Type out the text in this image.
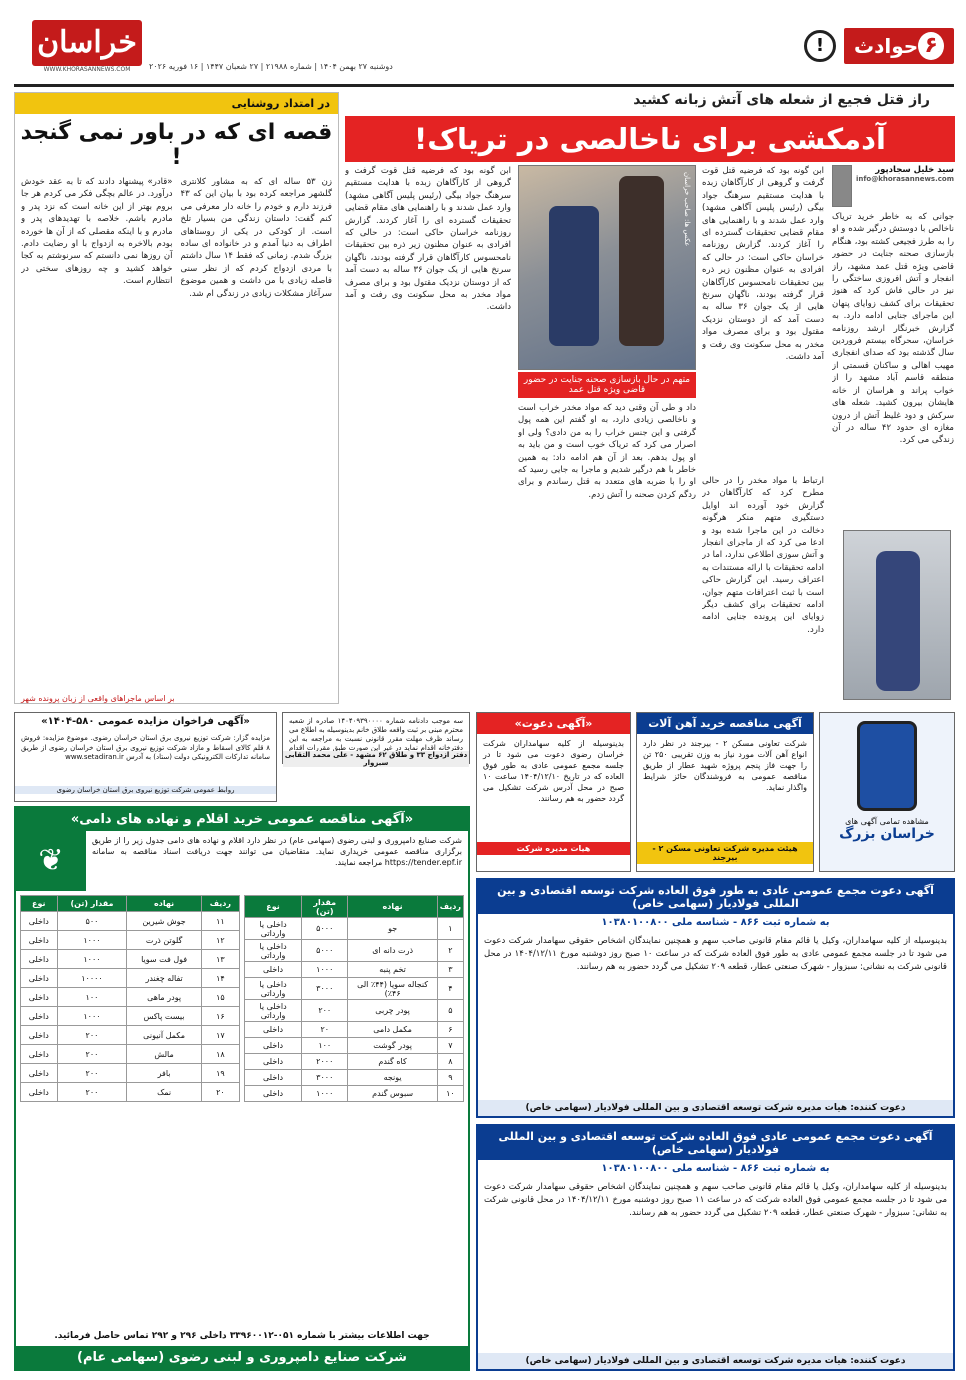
خراسان
WWW.KHORASANNEWS.COM	دوشنبه ۲۷ بهمن ۱۴۰۴ | شماره ۲۱۹۸۸ | ۲۷ شعبان ۱۴۴۷ | ۱۶ فوریه ۲۰۲۶
۶
حوادث
!
راز قتل فجیع از شعله های آتش زبانه کشید
آدمکشی برای ناخالصی در تریاک!
سید خلیل سجادپور
info@khorasannews.com
جوانی که به خاطر خرید تریاک ناخالص با دوستش درگیر شده و او را به طرز فجیعی کشته بود، هنگام بازسازی صحنه جنایت در حضور قاضی ویژه قتل عمد مشهد، راز انفجار و آتش افروزی ساختگی را نیز در حالی فاش کرد که هنوز تحقیقات برای کشف زوایای پنهان این ماجرای جنایی ادامه دارد. به گزارش خبرنگار ارشد روزنامه خراسان، سحرگاه بیستم فروردین سال گذشته بود که صدای انفجاری مهیب اهالی و ساکنان قسمتی از منطقه قاسم آباد مشهد را از خواب پراند و هراسان از خانه هایشان بیرون کشید. شعله های سرکش و دود غلیظ آتش از درون مغازه ای حدود ۴۲ ساله در آن زندگی می کرد.
ابن گونه بود که فرضیه قتل قوت گرفت و گروهی از کارآگاهان زبده با هدایت مستقیم سرهنگ جواد بیگی (رئیس پلیس آگاهی مشهد) وارد عمل شدند و با راهنمایی های مقام قضایی تحقیقات گسترده ای را آغاز کردند. گزارش روزنامه خراسان حاکی است: در حالی که افرادی به عنوان مظنون زیر ذره بین تحقیقات نامحسوس کارآگاهان قرار گرفته بودند، ناگهان سرنخ هایی از یک جوان ۳۶ ساله به دست آمد که از دوستان نزدیک مقتول بود و برای مصرف مواد مخدر به محل سکونت وی رفت و آمد داشت.
ارتباط با مواد مخدر را در حالی مطرح کرد که کارآگاهان در گزارش خود آورده اند اوایل دستگیری متهم منکر هرگونه دخالت در این ماجرا شده بود و ادعا می کرد که از ماجرای انفجار و آتش سوزی اطلاعی ندارد، اما در ادامه تحقیقات با ارائه مستندات به اعتراف رسید. این گزارش حاکی است با ثبت اعترافات متهم جوان، ادامه تحقیقات برای کشف دیگر زوایای این پرونده جنایی ادامه دارد.
عکس ها: صاحب خراسان
متهم در حال بازسازی صحنه جنایت در حضور قاضی ویژه قتل عمد
داد و طی آن وقتی دید که مواد مخدر خراب است و ناخالصی زیادی دارد، به او گفتم این همه پول گرفتی و این جنس خراب را به من دادی؟ ولی او اصرار می کرد که تریاک خوب است و من باید به او پول بدهم. بعد از آن هم ادامه داد: به همین خاطر با هم درگیر شدیم و ماجرا به جایی رسید که او را با ضربه های متعدد به قتل رساندم و برای ردگم کردن صحنه را آتش زدم.
ابن گونه بود که فرضیه قتل قوت گرفت و گروهی از کارآگاهان زبده با هدایت مستقیم سرهنگ جواد بیگی (رئیس پلیس آگاهی مشهد) وارد عمل شدند و با راهنمایی های مقام قضایی تحقیقات گسترده ای را آغاز کردند. گزارش روزنامه خراسان حاکی است: در حالی که افرادی به عنوان مظنون زیر ذره بین تحقیقات نامحسوس کارآگاهان قرار گرفته بودند، ناگهان سرنخ هایی از یک جوان ۳۶ ساله به دست آمد که از دوستان نزدیک مقتول بود و برای مصرف مواد مخدر به محل سکونت وی رفت و آمد داشت.
در امتداد روشنایی
قصه ای که در باور نمی گنجد !
زن ۵۳ ساله ای که به مشاور کلانتری گلشهر مراجعه کرده بود با بیان این که ۴۳ فرزند دارم و خودم را خانه دار معرفی می کنم گفت: داستان زندگی من بسیار تلخ است. از کودکی در یکی از روستاهای اطراف به دنیا آمدم و در خانواده ای ساده بزرگ شدم. زمانی که فقط ۱۴ سال داشتم با مردی ازدواج کردم که از نظر سنی فاصله زیادی با من داشت و همین موضوع سرآغاز مشکلات زیادی در زندگی ام شد.
«قادر» پیشنهاد دادند که تا به عقد خودش درآورد. در عالم بچگی فکر می کردم هر جا بروم بهتر از این خانه است که نزد پدر و مادرم باشم. خلاصه با تهدیدهای پدر و مادرم و با اینکه مقصلی که از آن ها خورده بودم بالاخره به ازدواج با او رضایت دادم. آن روزها نمی دانستم که سرنوشتم به کجا خواهد کشید و چه روزهای سختی در انتظارم است.
بر اساس ماجراهای واقعی از زبان پرونده شهر
مشاهده تمامی آگهی های
خراسان بزرگ
آگهی مناقصه خرید آهن آلات
شرکت تعاونی مسکن ۲ - بیرجند در نظر دارد انواع آهن آلات مورد نیاز به وزن تقریبی ۲۵۰ تن را جهت فاز پنجم پروژه شهید عطار از طریق مناقصه عمومی به فروشندگان حائز شرایط واگذار نماید.
هیئت مدیره شرکت تعاونی مسکن ۲ - بیرجند
«آگهی دعوت»
بدینوسیله از کلیه سهامداران شرکت خراسان رضوی دعوت می شود تا در جلسه مجمع عمومی عادی به طور فوق العاده که در تاریخ ۱۴۰۴/۱۲/۱۰ ساعت ۱۰ صبح در محل آدرس شرکت تشکیل می گردد حضور به هم رسانند.
هیات مدیره شرکت
سه موجب دادنامه شماره ۱۴۰۴۰۹۳۹۰۰۰۰ صادره از شعبه محترم مبنی بر ثبت واقعه طلاق خانم بدینوسیله به اطلاع می رساند ظرف مهلت مقرر قانونی نسبت به مراجعه به این دفترخانه اقدام نماید در غیر این صورت طبق مقررات اقدام
دفتر ازدواج ۳۳ و طلاق ۶۲ مشهد - علی محمد التقابی سبزوار
«آگهی فراخوان مزایده عمومی ۵۸۰-۱۴۰۴»
مزایده گزار: شرکت توزیع نیروی برق استان خراسان رضوی. موضوع مزایده: فروش ۸ قلم کالای اسقاط و مازاد شرکت توزیع نیروی برق استان خراسان رضوی از طریق سامانه تدارکات الکترونیکی دولت (ستاد) به آدرس www.setadiran.ir
روابط عمومی شرکت توزیع نیروی برق استان خراسان رضوی
«آگهی مناقصه عمومی خرید اقلام و نهاده های دامی»
شرکت صنایع دامپروری و لبنی رضوی (سهامی عام) در نظر دارد اقلام و نهاده های دامی جدول زیر را از طریق برگزاری مناقصه عمومی خریداری نماید. متقاضیان می توانند جهت دریافت اسناد مناقصه به سامانه https://tender.epf.ir مراجعه نمایند.
❦
ردیف	نهاده	مقدار (تن)	نوع
۱	جو	۵۰۰۰	داخلی یا وارداتی
۲	ذرت دانه ای	۵۰۰۰	داخلی یا وارداتی
۳	تخم پنبه	۱۰۰۰	داخلی
۴	کنجاله سویا (۴۴٪ الی ۴۶٪)	۳۰۰۰	داخلی یا وارداتی
۵	پودر چربی	۲۰۰	داخلی یا وارداتی
۶	مکمل دامی	۲۰	داخلی
۷	پودر گوشت	۱۰۰	داخلی
۸	کاه گندم	۲۰۰۰	داخلی
۹	یونجه	۳۰۰۰	داخلی
۱۰	سبوس گندم	۱۰۰۰	داخلی
ردیف	نهاده	مقدار (تن)	نوع
۱۱	جوش شیرین	۵۰۰	داخلی
۱۲	گلوتن ذرت	۱۰۰۰	داخلی
۱۳	فول فت سویا	۱۰۰۰	داخلی
۱۴	تفاله چغندر	۱۰۰۰۰	داخلی
۱۵	پودر ماهی	۱۰۰	داخلی
۱۶	بیست پاکس	۱۰۰۰	داخلی
۱۷	مکمل آنیونی	۲۰۰	داخلی
۱۸	مالش	۲۰۰	داخلی
۱۹	بافر	۲۰۰	داخلی
۲۰	نمک	۲۰۰	داخلی
جهت اطلاعات بیشتر با شماره ۰۵۱-۳۳۹۶۰۰۱۲ داخلی ۲۹۶ و ۲۹۲ تماس حاصل فرمائید.
شرکت صنایع دامپروری و لبنی رضوی (سهامی عام)
آگهی دعوت مجمع عمومی عادی به طور فوق العاده شرکت توسعه اقتصادی و بین المللی فولادیار (سهامی خاص)
به شماره ثبت ۸۶۶ - شناسه ملی ۱۰۳۸۰۱۰۰۸۰۰
بدینوسیله از کلیه سهامداران، وکیل یا قائم مقام قانونی صاحب سهم و همچنین نمایندگان اشخاص حقوقی سهامدار شرکت دعوت می شود تا در جلسه مجمع عمومی عادی به طور فوق العاده شرکت که در ساعت ۱۰ صبح روز دوشنبه مورخ ۱۴۰۴/۱۲/۱۱ در محل قانونی شرکت به نشانی: سبزوار - شهرک صنعتی عطار، قطعه ۲۰۹ تشکیل می گردد حضور به هم رسانند.
دعوت کننده: هیات مدیره شرکت توسعه اقتصادی و بین المللی فولادیار (سهامی خاص)
آگهی دعوت مجمع عمومی عادی فوق العاده شرکت توسعه اقتصادی و بین المللی فولادیار (سهامی خاص)
به شماره ثبت ۸۶۶ - شناسه ملی ۱۰۳۸۰۱۰۰۸۰۰
بدینوسیله از کلیه سهامداران، وکیل یا قائم مقام قانونی صاحب سهم و همچنین نمایندگان اشخاص حقوقی سهامدار شرکت دعوت می شود تا در جلسه مجمع عمومی فوق العاده شرکت که در ساعت ۱۱ صبح روز دوشنبه مورخ ۱۴۰۴/۱۲/۱۱ در محل قانونی شرکت به نشانی: سبزوار - شهرک صنعتی عطار، قطعه ۲۰۹ تشکیل می گردد حضور به هم رسانند.
دعوت کننده: هیات مدیره شرکت توسعه اقتصادی و بین المللی فولادیار (سهامی خاص)
